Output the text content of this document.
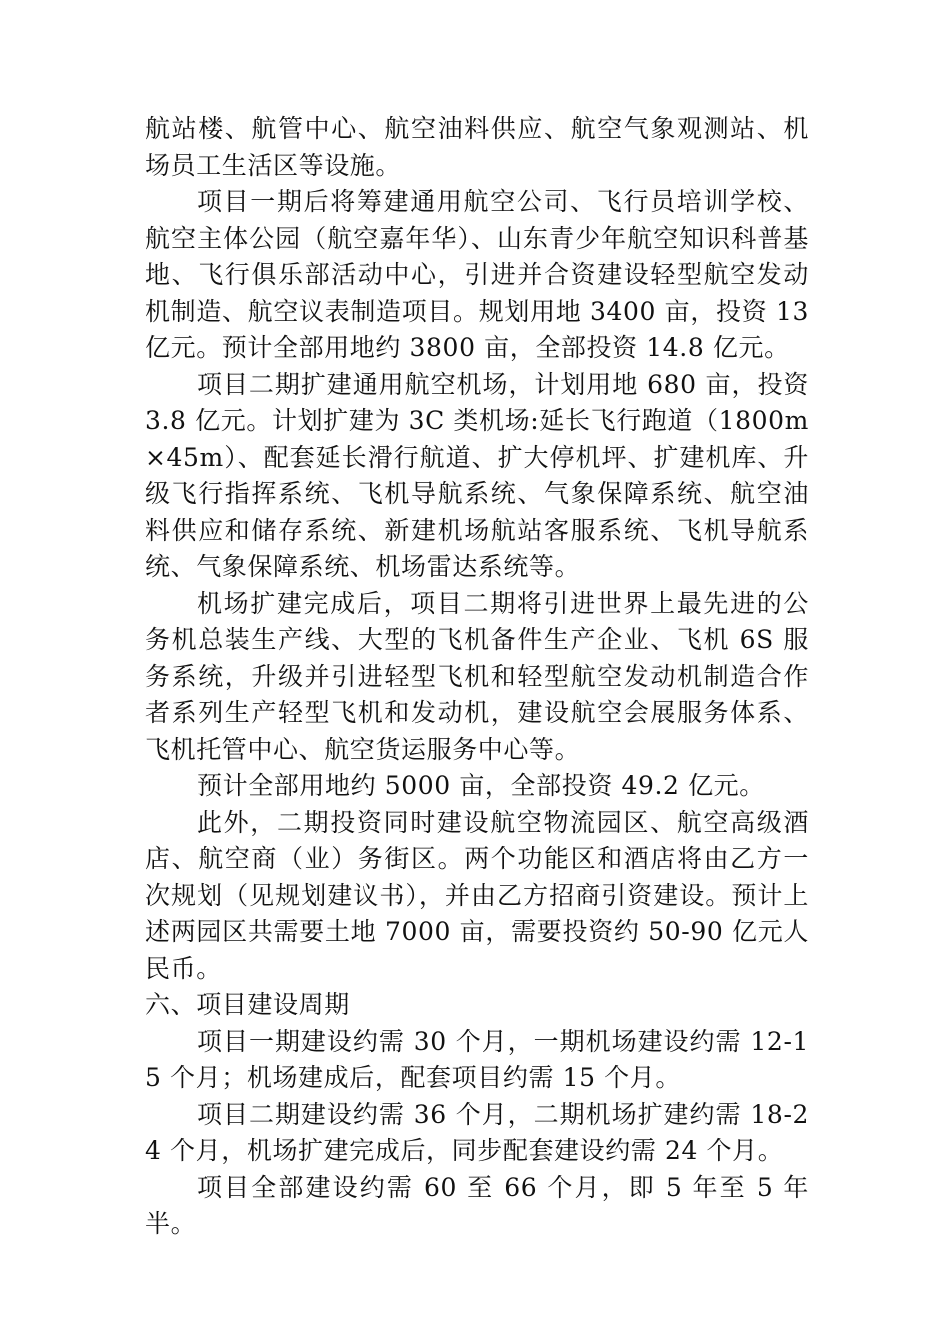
航站楼、航管中心、航空油料供应、航空气象观测站、机场员工生活区等设施。

项目一期后将筹建通用航空公司、飞行员培训学校、航空主体公园（航空嘉年华）、山东青少年航空知识科普基地、飞行俱乐部活动中心，引进并合资建设轻型航空发动机制造、航空议表制造项目。规划用地 3400 亩，投资 13 亿元。预计全部用地约 3800 亩，全部投资 14.8 亿元。

项目二期扩建通用航空机场，计划用地 680 亩，投资 3.8 亿元。计划扩建为 3C 类机场:延长飞行跑道（1800m×45m）、配套延长滑行航道、扩大停机坪、扩建机库、升级飞行指挥系统、飞机导航系统、气象保障系统、航空油料供应和储存系统、新建机场航站客服系统、飞机导航系统、气象保障系统、机场雷达系统等。

机场扩建完成后，项目二期将引进世界上最先进的公务机总装生产线、大型的飞机备件生产企业、飞机 6S 服务系统，升级并引进轻型飞机和轻型航空发动机制造合作者系列生产轻型飞机和发动机，建设航空会展服务体系、飞机托管中心、航空货运服务中心等。

预计全部用地约 5000 亩，全部投资 49.2 亿元。

此外，二期投资同时建设航空物流园区、航空高级酒店、航空商（业）务街区。两个功能区和酒店将由乙方一次规划（见规划建议书），并由乙方招商引资建设。预计上述两园区共需要土地 7000 亩，需要投资约 50-90 亿元人民币。

六、项目建设周期

项目一期建设约需 30 个月，一期机场建设约需 12-15 个月；机场建成后，配套项目约需 15 个月。

项目二期建设约需 36 个月，二期机场扩建约需 18-24 个月，机场扩建完成后，同步配套建设约需 24 个月。

项目全部建设约需 60 至 66 个月，即 5 年至 5 年半。
